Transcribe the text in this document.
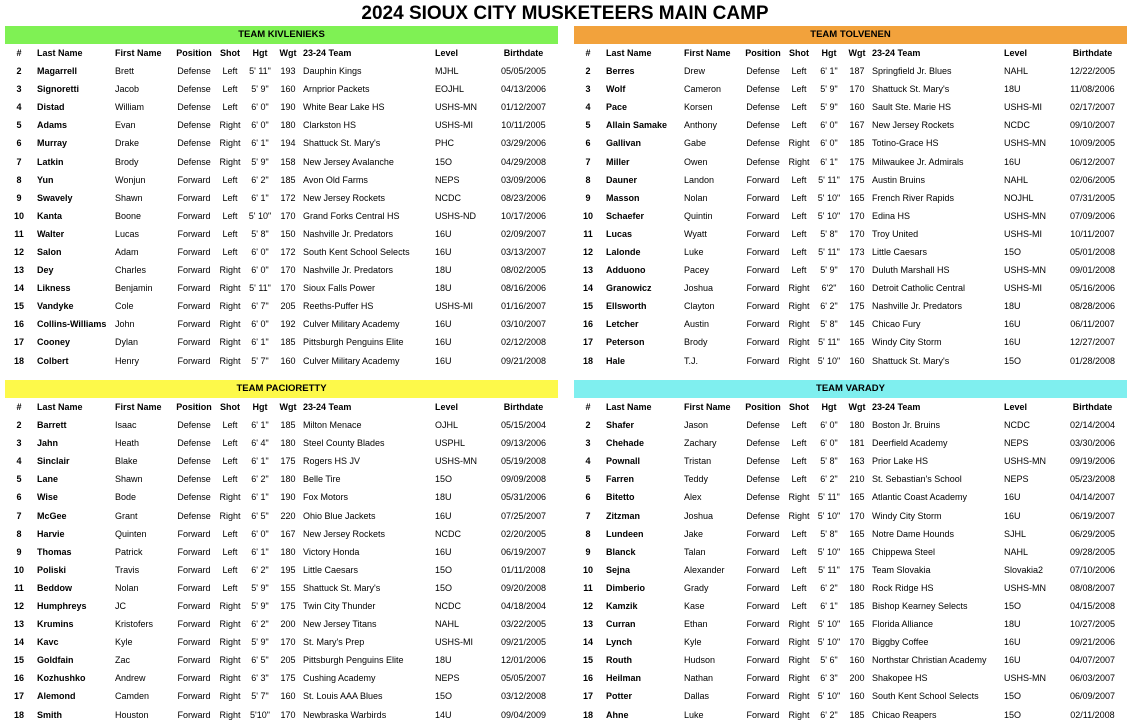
2024 SIOUX CITY MUSKETEERS MAIN CAMP
TEAM KIVLENIEKS
#	Last Name	First Name	Position	Shot	Hgt	Wgt	23-24 Team	Level	Birthdate
2	Magarrell	Brett	Defense	Left	5' 11"	193	Dauphin Kings	MJHL	05/05/2005
3	Signoretti	Jacob	Defense	Left	5' 9"	160	Arnprior Packets	EOJHL	04/13/2006
4	Distad	William	Defense	Left	6' 0"	190	White Bear Lake HS	USHS-MN	01/12/2007
5	Adams	Evan	Defense	Right	6' 0"	180	Clarkston HS	USHS-MI	10/11/2005
6	Murray	Drake	Defense	Right	6' 1"	194	Shattuck St. Mary's	PHC	03/29/2006
7	Latkin	Brody	Defense	Right	5' 9"	158	New Jersey Avalanche	15O	04/29/2008
8	Yun	Wonjun	Forward	Left	6' 2"	185	Avon Old Farms	NEPS	03/09/2006
9	Swavely	Shawn	Forward	Left	6' 1"	172	New Jersey Rockets	NCDC	08/23/2006
10	Kanta	Boone	Forward	Left	5' 10"	170	Grand Forks Central HS	USHS-ND	10/17/2006
11	Walter	Lucas	Forward	Left	5' 8"	150	Nashville Jr. Predators	16U	02/09/2007
12	Salon	Adam	Forward	Left	6' 0"	172	South Kent School Selects	16U	03/13/2007
13	Dey	Charles	Forward	Right	6' 0"	170	Nashville Jr. Predators	18U	08/02/2005
14	Likness	Benjamin	Forward	Right	5' 11"	170	Sioux Falls Power	18U	08/16/2006
15	Vandyke	Cole	Forward	Right	6' 7"	205	Reeths-Puffer HS	USHS-MI	01/16/2007
16	Collins-Williams	John	Forward	Right	6' 0"	192	Culver Military Academy	16U	03/10/2007
17	Cooney	Dylan	Forward	Right	6' 1"	185	Pittsburgh Penguins Elite	16U	02/12/2008
18	Colbert	Henry	Forward	Right	5' 7"	160	Culver Military Academy	16U	09/21/2008
TEAM TOLVENEN
#	Last Name	First Name	Position	Shot	Hgt	Wgt	23-24 Team	Level	Birthdate
2	Berres	Drew	Defense	Left	6' 1"	187	Springfield Jr. Blues	NAHL	12/22/2005
3	Wolf	Cameron	Defense	Left	5' 9"	170	Shattuck St. Mary's	18U	11/08/2006
4	Pace	Korsen	Defense	Left	5' 9"	160	Sault Ste. Marie HS	USHS-MI	02/17/2007
5	Allain Samake	Anthony	Defense	Left	6' 0"	167	New Jersey Rockets	NCDC	09/10/2007
6	Gallivan	Gabe	Defense	Right	6' 0"	185	Totino-Grace HS	USHS-MN	10/09/2005
7	Miller	Owen	Defense	Right	6' 1"	175	Milwaukee Jr. Admirals	16U	06/12/2007
8	Dauner	Landon	Forward	Left	5' 11"	175	Austin Bruins	NAHL	02/06/2005
9	Masson	Nolan	Forward	Left	5' 10"	165	French River Rapids	NOJHL	07/31/2005
10	Schaefer	Quintin	Forward	Left	5' 10"	170	Edina HS	USHS-MN	07/09/2006
11	Lucas	Wyatt	Forward	Left	5' 8"	170	Troy United	USHS-MI	10/11/2007
12	Lalonde	Luke	Forward	Left	5' 11"	173	Little Caesars	15O	05/01/2008
13	Adduono	Pacey	Forward	Left	5' 9"	170	Duluth Marshall HS	USHS-MN	09/01/2008
14	Granowicz	Joshua	Forward	Right	6'2"	160	Detroit Catholic Central	USHS-MI	05/16/2006
15	Ellsworth	Clayton	Forward	Right	6' 2"	175	Nashville Jr. Predators	18U	08/28/2006
16	Letcher	Austin	Forward	Right	5' 8"	145	Chicao Fury	16U	06/11/2007
17	Peterson	Brody	Forward	Right	5' 11"	165	Windy City Storm	16U	12/27/2007
18	Hale	T.J.	Forward	Right	5' 10"	160	Shattuck St. Mary's	15O	01/28/2008
TEAM PACIORETTY
#	Last Name	First Name	Position	Shot	Hgt	Wgt	23-24 Team	Level	Birthdate
2	Barrett	Isaac	Defense	Left	6' 1"	185	Milton Menace	OJHL	05/15/2004
3	Jahn	Heath	Defense	Left	6' 4"	180	Steel County Blades	USPHL	09/13/2006
4	Sinclair	Blake	Defense	Left	6' 1"	175	Rogers HS JV	USHS-MN	05/19/2008
5	Lane	Shawn	Defense	Left	6' 2"	180	Belle Tire	15O	09/09/2008
6	Wise	Bode	Defense	Right	6' 1"	190	Fox Motors	18U	05/31/2006
7	McGee	Grant	Defense	Right	6' 5"	220	Ohio Blue Jackets	16U	07/25/2007
8	Harvie	Quinten	Forward	Left	6' 0"	167	New Jersey Rockets	NCDC	02/20/2005
9	Thomas	Patrick	Forward	Left	6' 1"	180	Victory Honda	16U	06/19/2007
10	Poliski	Travis	Forward	Left	6' 2"	195	Little Caesars	15O	01/11/2008
11	Beddow	Nolan	Forward	Left	5' 9"	155	Shattuck St. Mary's	15O	09/20/2008
12	Humphreys	JC	Forward	Right	5' 9"	175	Twin City Thunder	NCDC	04/18/2004
13	Krumins	Kristofers	Forward	Right	6' 2"	200	New Jersey Titans	NAHL	03/22/2005
14	Kavc	Kyle	Forward	Right	5' 9"	170	St. Mary's Prep	USHS-MI	09/21/2005
15	Goldfain	Zac	Forward	Right	6' 5"	205	Pittsburgh Penguins Elite	18U	12/01/2006
16	Kozhushko	Andrew	Forward	Right	6' 3"	175	Cushing Academy	NEPS	05/05/2007
17	Alemond	Camden	Forward	Right	5' 7"	160	St. Louis AAA Blues	15O	03/12/2008
18	Smith	Houston	Forward	Right	5'10"	170	Newbraska Warbirds	14U	09/04/2009
TEAM VARADY
#	Last Name	First Name	Position	Shot	Hgt	Wgt	23-24 Team	Level	Birthdate
2	Shafer	Jason	Defense	Left	6' 0"	180	Boston Jr. Bruins	NCDC	02/14/2004
3	Chehade	Zachary	Defense	Left	6' 0"	181	Deerfield Academy	NEPS	03/30/2006
4	Pownall	Tristan	Defense	Left	5' 8"	163	Prior Lake HS	USHS-MN	09/19/2006
5	Farren	Teddy	Defense	Left	6' 2"	210	St. Sebastian's School	NEPS	05/23/2008
6	Bitetto	Alex	Defense	Right	5' 11"	165	Atlantic Coast Academy	16U	04/14/2007
7	Zitzman	Joshua	Defense	Right	5' 10"	170	Windy City Storm	16U	06/19/2007
8	Lundeen	Jake	Forward	Left	5' 8"	165	Notre Dame Hounds	SJHL	06/29/2005
9	Blanck	Talan	Forward	Left	5' 10"	165	Chippewa Steel	NAHL	09/28/2005
10	Sejna	Alexander	Forward	Left	5' 11"	175	Team Slovakia	Slovakia2	07/10/2006
11	Dimberio	Grady	Forward	Left	6' 2"	180	Rock Ridge HS	USHS-MN	08/08/2007
12	Kamzik	Kase	Forward	Left	6' 1"	185	Bishop Kearney Selects	15O	04/15/2008
13	Curran	Ethan	Forward	Right	5' 10"	165	Florida Alliance	18U	10/27/2005
14	Lynch	Kyle	Forward	Right	5' 10"	170	Biggby Coffee	16U	09/21/2006
15	Routh	Hudson	Forward	Right	5' 6"	160	Northstar Christian Academy	16U	04/07/2007
16	Heilman	Nathan	Forward	Right	6' 3"	200	Shakopee HS	USHS-MN	06/03/2007
17	Potter	Dallas	Forward	Right	5' 10"	160	South Kent School Selects	15O	06/09/2007
18	Ahne	Luke	Forward	Right	6' 2"	185	Chicao Reapers	15O	02/11/2008
